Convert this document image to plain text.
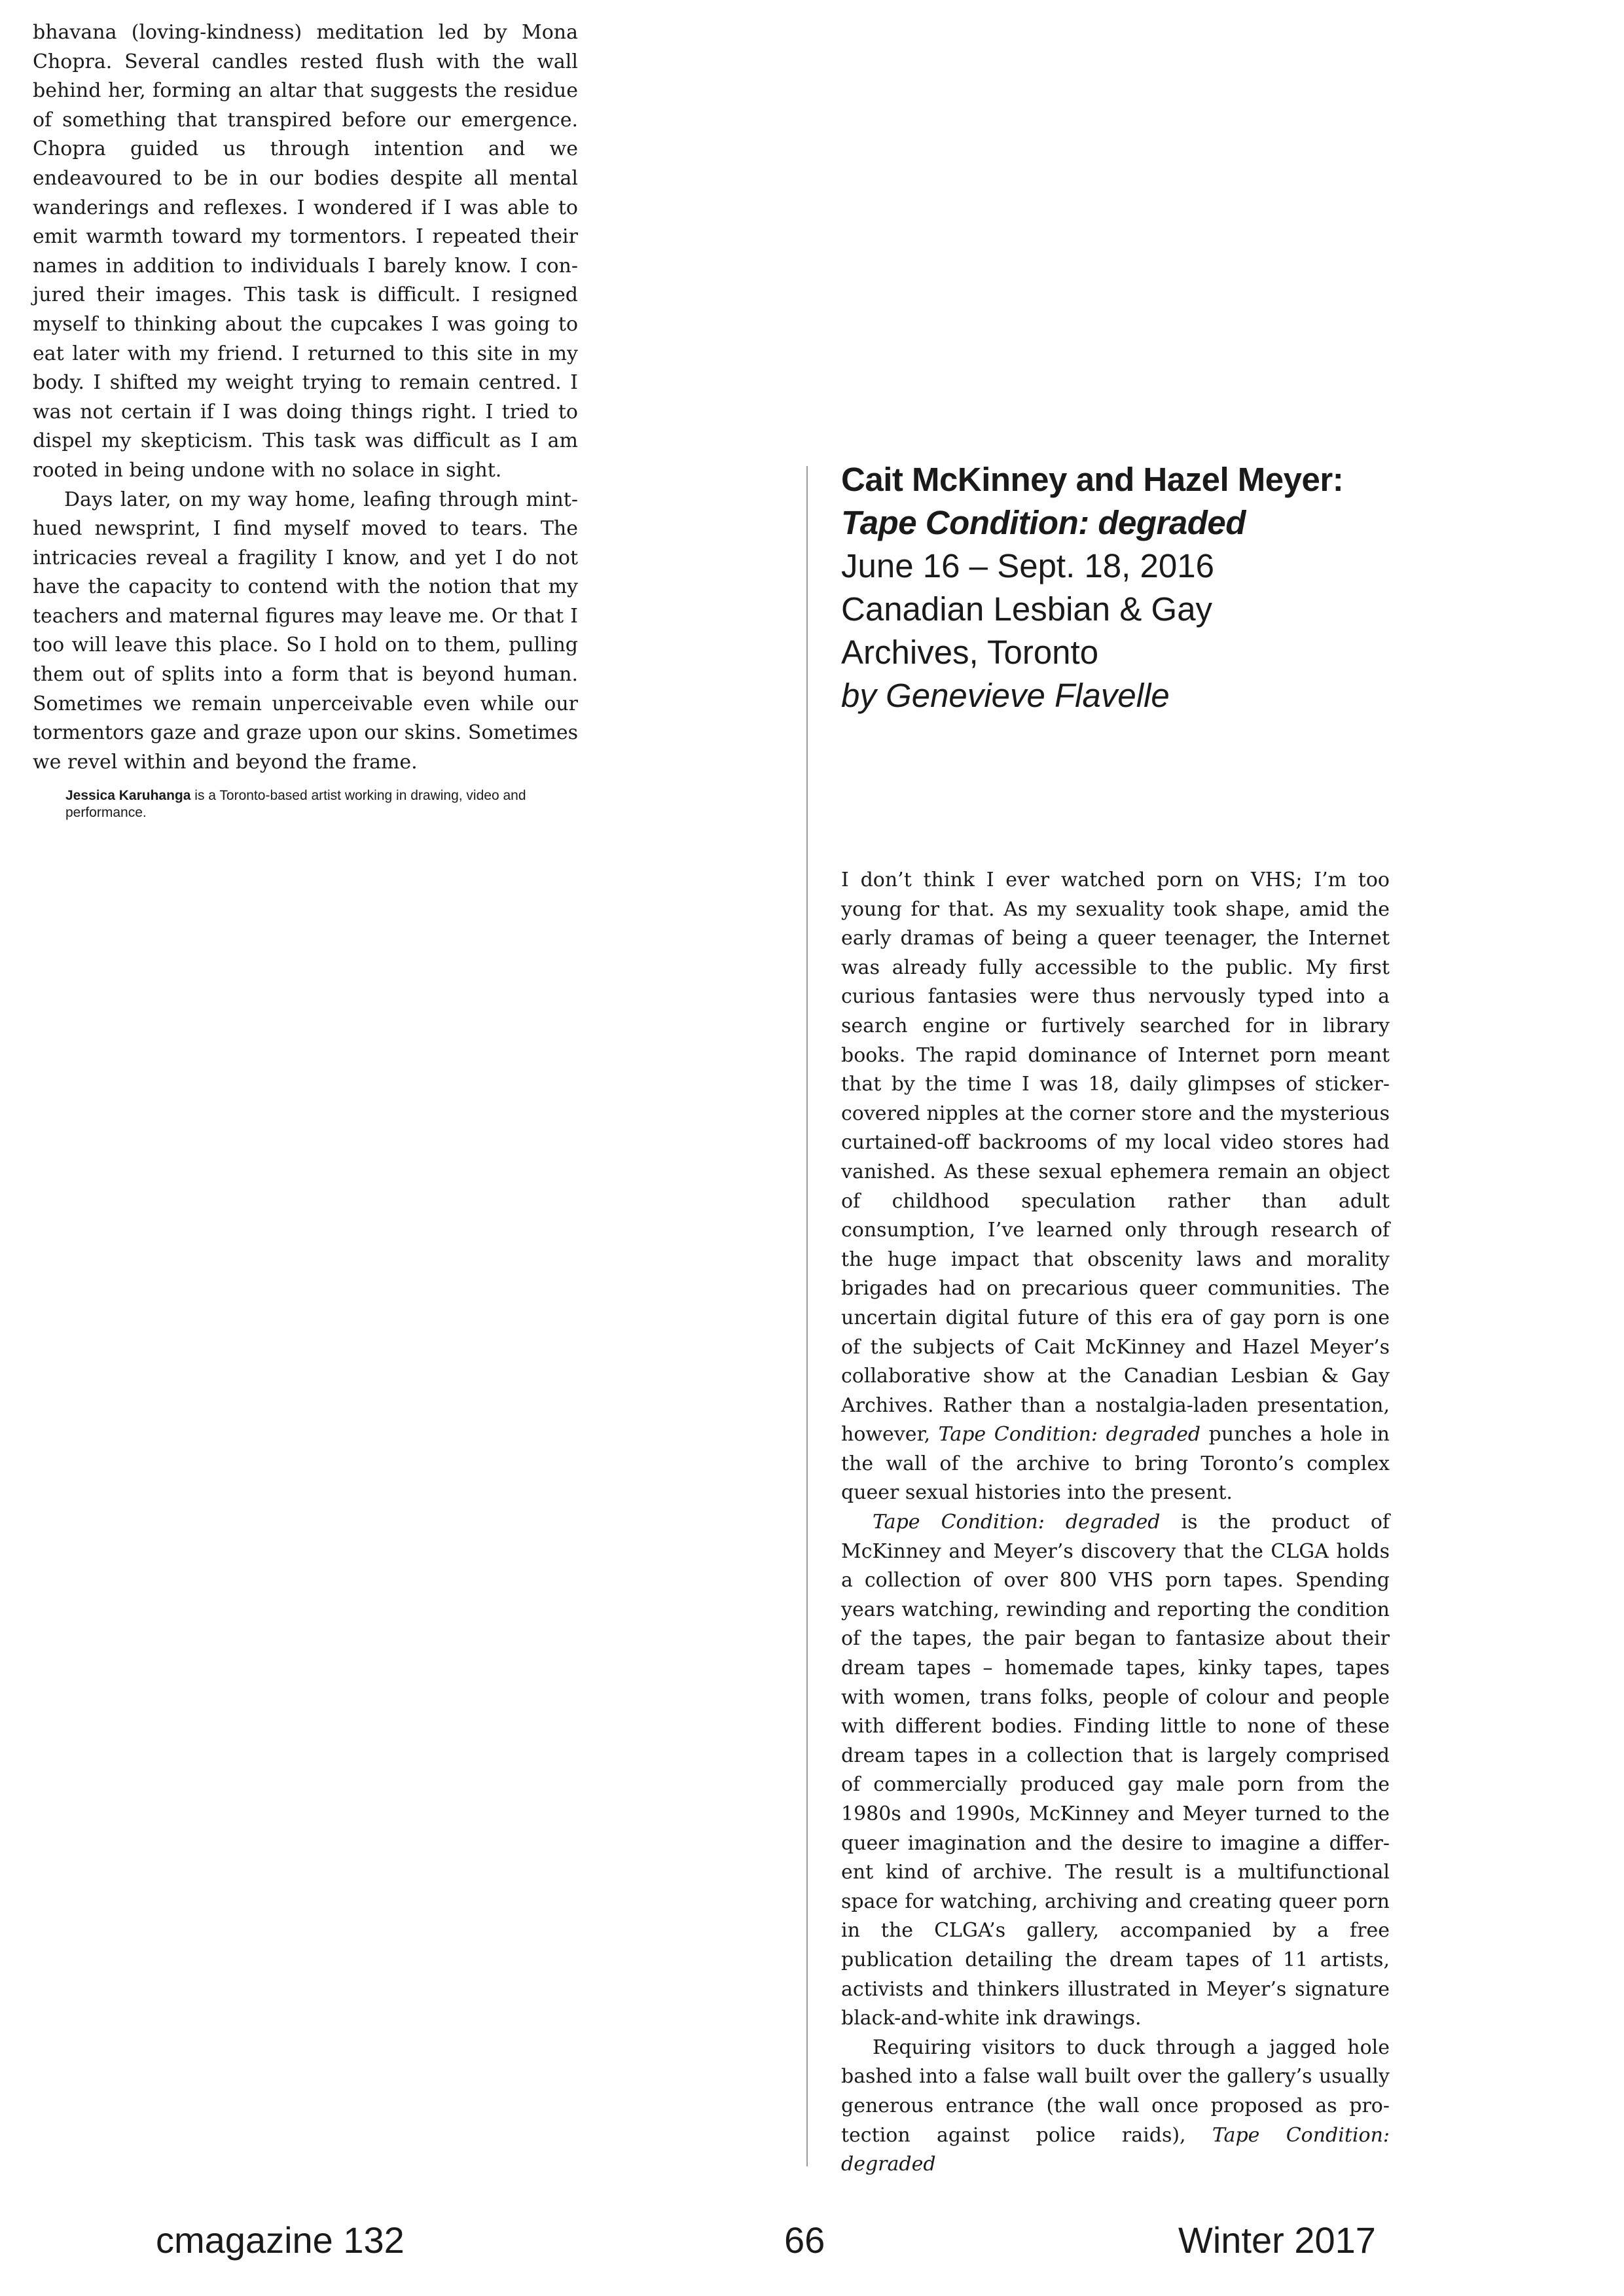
bhavana (loving-kindness) meditation led by Mona Chopra. Several candles rested flush with the wall behind her, forming an altar that suggests the residue of something that transpired before our emergence. Chopra guided us through intention and we endeavoured to be in our bodies despite all mental wanderings and reflexes. I wondered if I was able to emit warmth toward my tormentors. I repeated their names in addition to individuals I barely know. I conjured their images. This task is difficult. I resigned myself to thinking about the cupcakes I was going to eat later with my friend. I returned to this site in my body. I shifted my weight trying to remain centred. I was not certain if I was doing things right. I tried to dispel my skepticism. This task was difficult as I am rooted in being undone with no solace in sight.

Days later, on my way home, leafing through mint-hued newsprint, I find myself moved to tears. The intricacies reveal a fragility I know, and yet I do not have the capacity to contend with the notion that my teachers and maternal figures may leave me. Or that I too will leave this place. So I hold on to them, pulling them out of splits into a form that is beyond human. Sometimes we remain unperceivable even while our tormentors gaze and graze upon our skins. Sometimes we revel within and beyond the frame.

Jessica Karuhanga is a Toronto-based artist working in drawing, video and performance.

Cait McKinney and Hazel Meyer:
Tape Condition: degraded
June 16 – Sept. 18, 2016
Canadian Lesbian & Gay
Archives, Toronto
by Genevieve Flavelle

I don’t think I ever watched porn on VHS; I’m too young for that. As my sexuality took shape, amid the early dramas of being a queer teenager, the Internet was already fully accessible to the public. My first curious fantasies were thus nervously typed into a search engine or furtively searched for in library books. The rapid dominance of Internet porn meant that by the time I was 18, daily glimpses of sticker-covered nipples at the corner store and the mysterious curtained-off backrooms of my local video stores had vanished. As these sexual ephemera remain an object of childhood speculation rather than adult consumption, I’ve learned only through research of the huge impact that obscenity laws and morality brigades had on precarious queer communities. The uncertain digital future of this era of gay porn is one of the subjects of Cait McKinney and Hazel Meyer’s collaborative show at the Canadian Lesbian & Gay Archives. Rather than a nostalgia-laden presentation, however, Tape Condition: degraded punches a hole in the wall of the archive to bring Toronto’s complex queer sexual histories into the present.

Tape Condition: degraded is the product of McKinney and Meyer’s discovery that the CLGA holds a collection of over 800 VHS porn tapes. Spending years watching, rewinding and reporting the condition of the tapes, the pair began to fantasize about their dream tapes – homemade tapes, kinky tapes, tapes with women, trans folks, people of colour and people with different bodies. Finding little to none of these dream tapes in a collection that is largely comprised of commercially produced gay male porn from the 1980s and 1990s, McKinney and Meyer turned to the queer imagination and the desire to imagine a different kind of archive. The result is a multifunctional space for watching, archiving and creating queer porn in the CLGA’s gallery, accompanied by a free publication detailing the dream tapes of 11 artists, activists and thinkers illustrated in Meyer’s signature black-and-white ink drawings.

Requiring visitors to duck through a jagged hole bashed into a false wall built over the gallery’s usually generous entrance (the wall once proposed as protection against police raids), Tape Condition: degraded

cmagazine 132	66	Winter 2017
